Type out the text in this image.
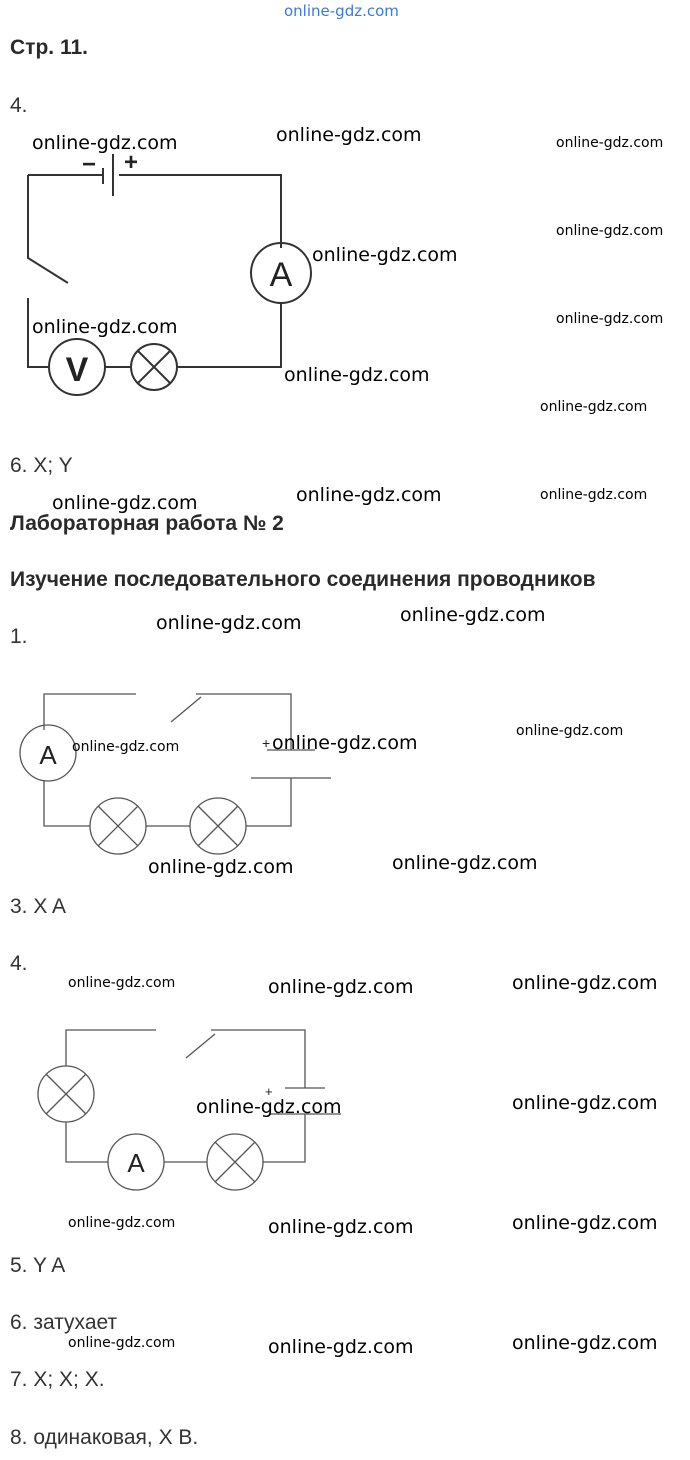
online-gdz.com
Стр. 11.
4.
− +
A
V
6. X; Y
Лабораторная работа № 2
Изучение последовательного соединения проводников
1.
+
A
3. X A
4.
+
A
5. Y A
6. затухает
7. X; X; X.
8. одинаковая, X B.
online-gdz.com	online-gdz.com	online-gdz.com
online-gdz.com
online-gdz.com
online-gdz.com
online-gdz.com
online-gdz.com
online-gdz.com
online-gdz.com	online-gdz.com	online-gdz.com
online-gdz.com
online-gdz.com
online-gdz.com
online-gdz.com	online-gdz.com
online-gdz.com
online-gdz.com
online-gdz.com	online-gdz.com	online-gdz.com
online-gdz.com	online-gdz.com
online-gdz.com	online-gdz.com	online-gdz.com
online-gdz.com	online-gdz.com	online-gdz.com
